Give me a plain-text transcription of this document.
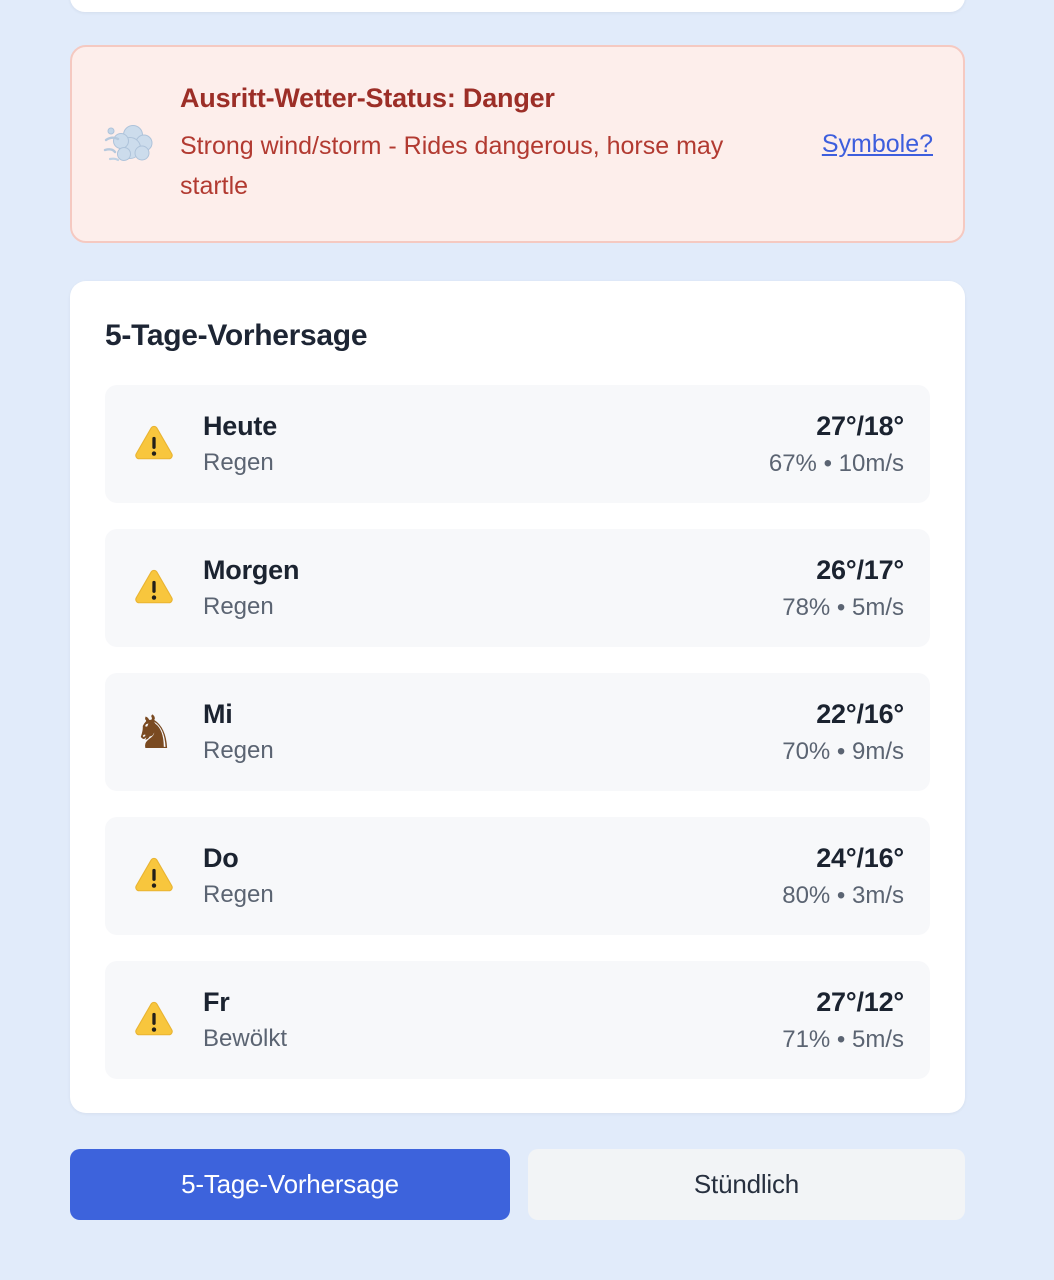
Ausritt-Wetter-Status: Danger

Strong wind/storm - Rides dangerous, horse may startle

Symbole?
5-Tage-Vorhersage
Heute
Regen
27°/18°
67% • 10m/s
Morgen
Regen
26°/17°
78% • 5m/s
♞ Mi
Regen
22°/16°
70% • 9m/s
Do
Regen
24°/16°
80% • 3m/s
Fr
Bewölkt
27°/12°
71% • 5m/s
5-Tage-Vorhersage	Stündlich
